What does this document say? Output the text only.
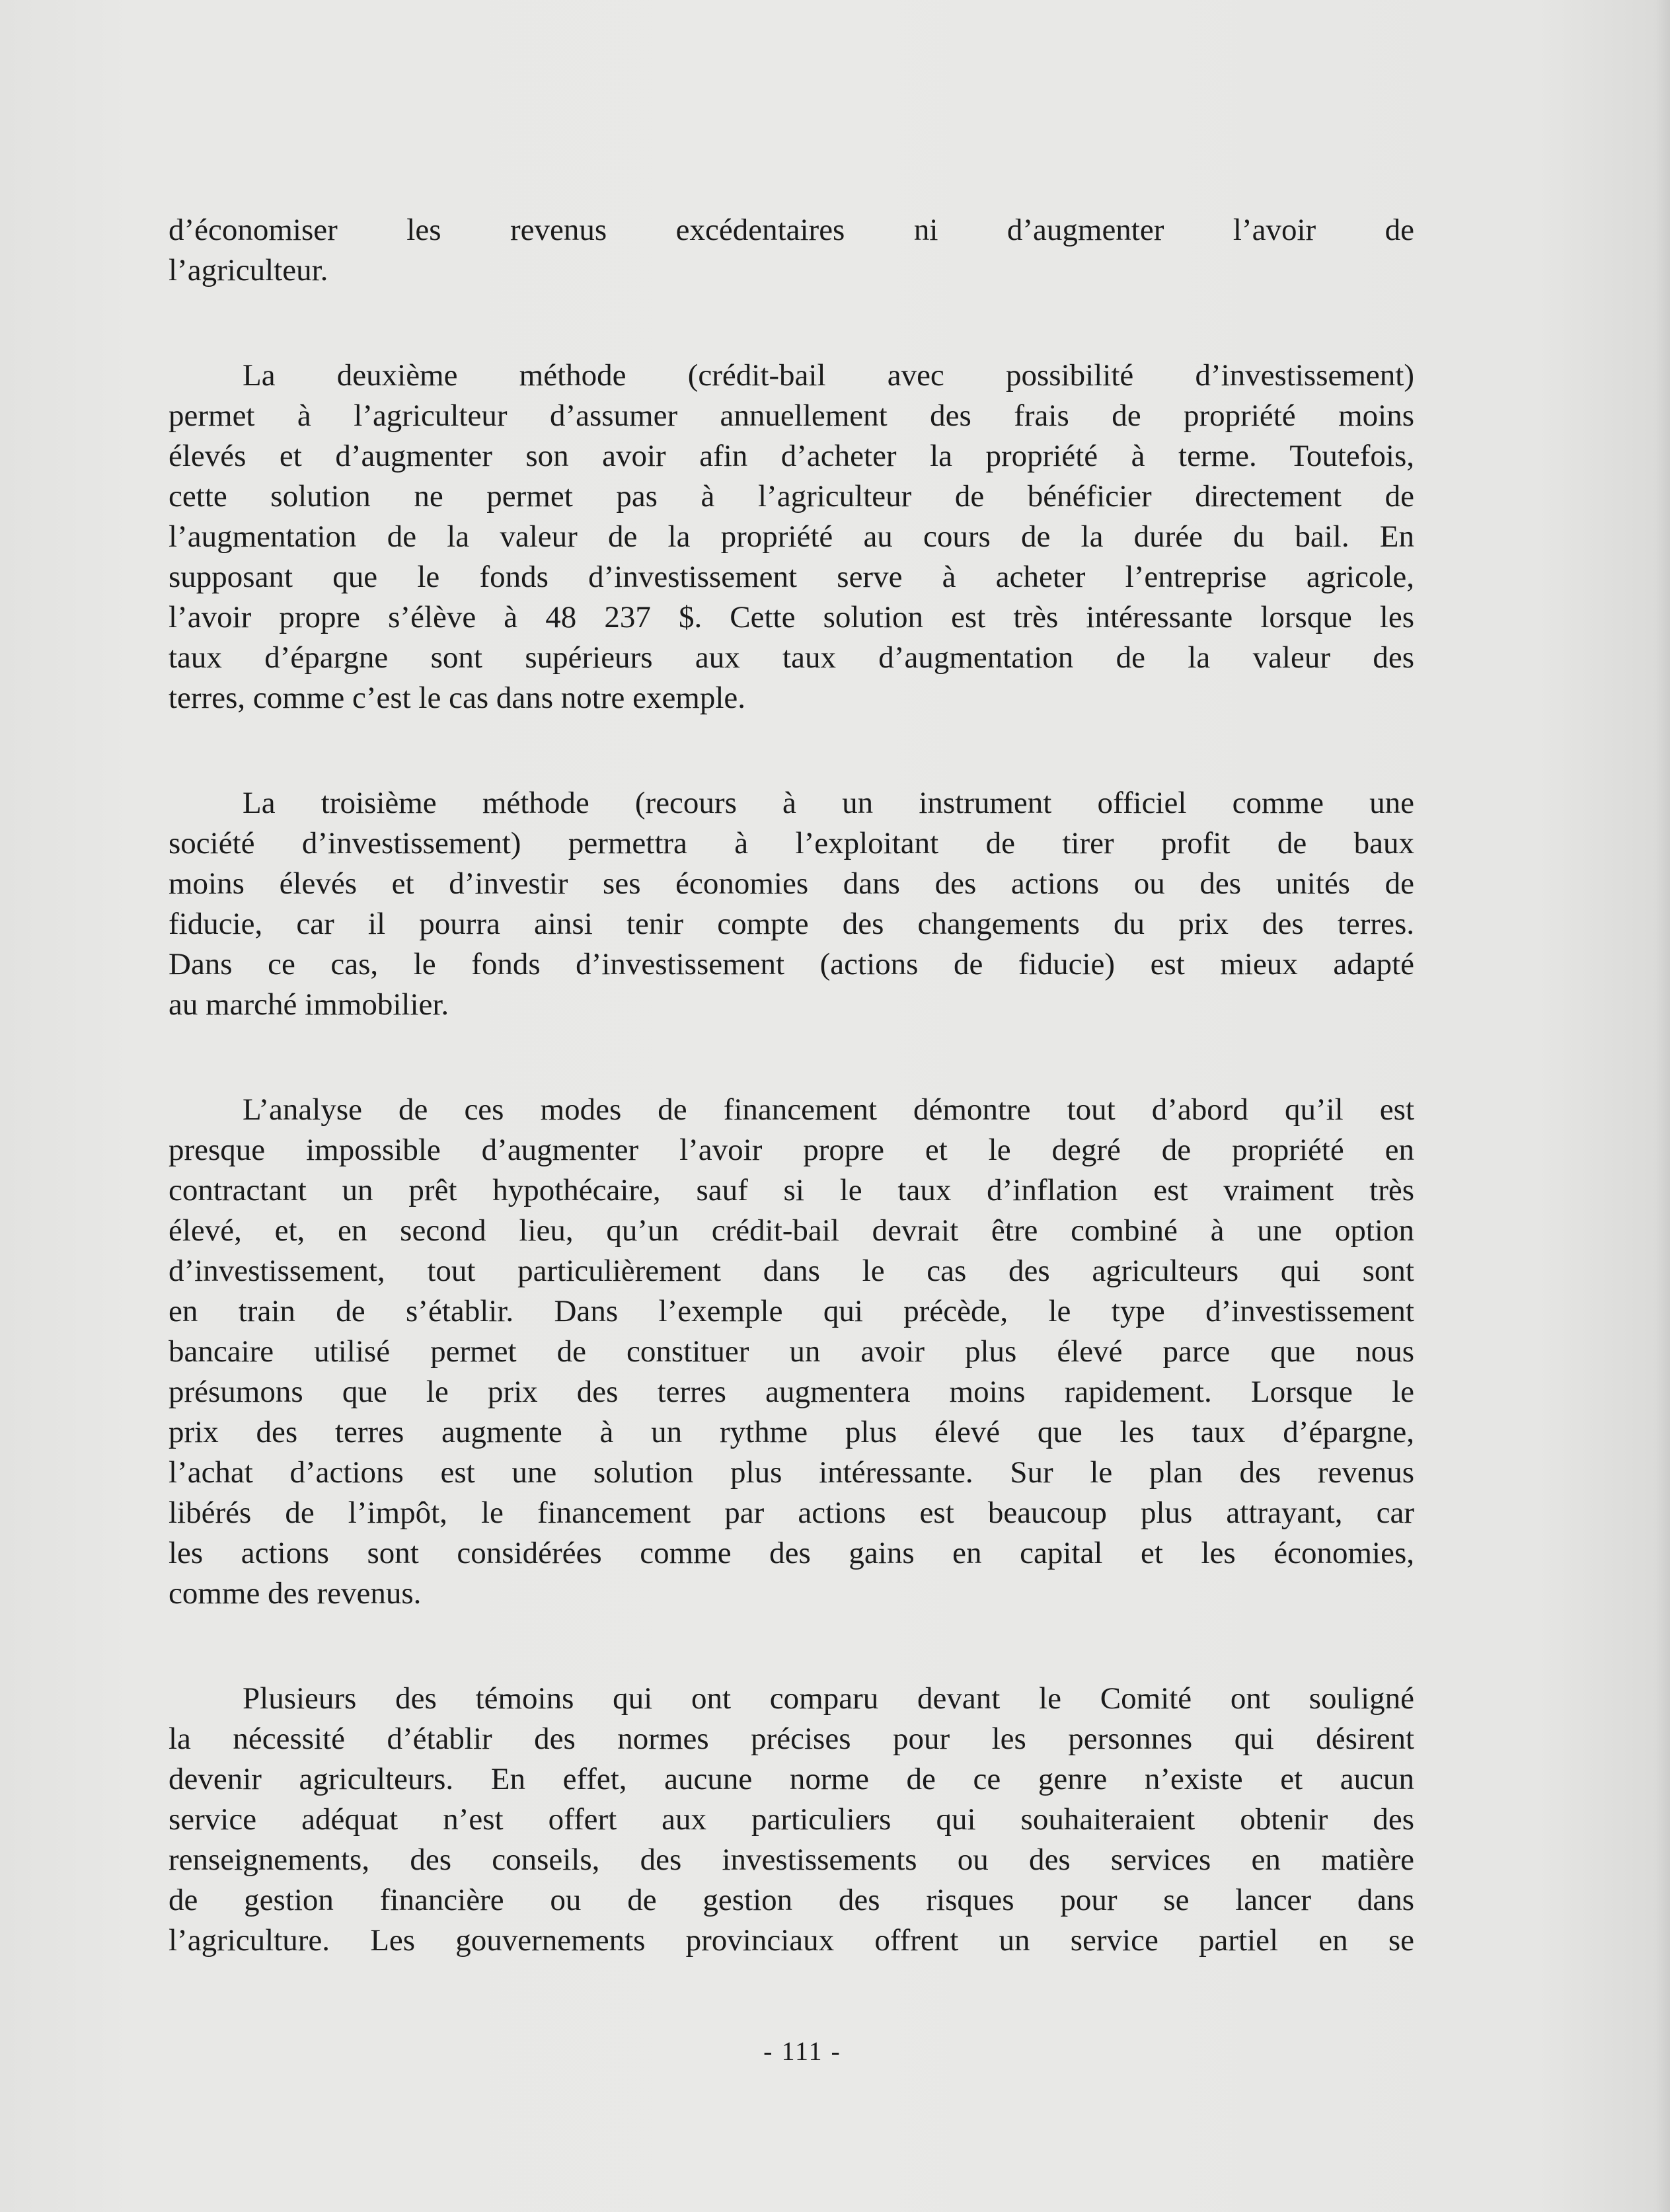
d’économiser les revenus excédentaires ni d’augmenter l’avoir de
l’agriculteur.
La deuxième méthode (crédit-bail avec possibilité d’investissement)
permet à l’agriculteur d’assumer annuellement des frais de propriété moins
élevés et d’augmenter son avoir afin d’acheter la propriété à terme. Toutefois,
cette solution ne permet pas à l’agriculteur de bénéficier directement de
l’augmentation de la valeur de la propriété au cours de la durée du bail. En
supposant que le fonds d’investissement serve à acheter l’entreprise agricole,
l’avoir propre s’élève à 48 237 $. Cette solution est très intéressante lorsque les
taux d’épargne sont supérieurs aux taux d’augmentation de la valeur des
terres, comme c’est le cas dans notre exemple.
La troisième méthode (recours à un instrument officiel comme une
société d’investissement) permettra à l’exploitant de tirer profit de baux
moins élevés et d’investir ses économies dans des actions ou des unités de
fiducie, car il pourra ainsi tenir compte des changements du prix des terres.
Dans ce cas, le fonds d’investissement (actions de fiducie) est mieux adapté
au marché immobilier.
L’analyse de ces modes de financement démontre tout d’abord qu’il est
presque impossible d’augmenter l’avoir propre et le degré de propriété en
contractant un prêt hypothécaire, sauf si le taux d’inflation est vraiment très
élevé, et, en second lieu, qu’un crédit-bail devrait être combiné à une option
d’investissement, tout particulièrement dans le cas des agriculteurs qui sont
en train de s’établir. Dans l’exemple qui précède, le type d’investissement
bancaire utilisé permet de constituer un avoir plus élevé parce que nous
présumons que le prix des terres augmentera moins rapidement. Lorsque le
prix des terres augmente à un rythme plus élevé que les taux d’épargne,
l’achat d’actions est une solution plus intéressante. Sur le plan des revenus
libérés de l’impôt, le financement par actions est beaucoup plus attrayant, car
les actions sont considérées comme des gains en capital et les économies,
comme des revenus.
Plusieurs des témoins qui ont comparu devant le Comité ont souligné
la nécessité d’établir des normes précises pour les personnes qui désirent
devenir agriculteurs. En effet, aucune norme de ce genre n’existe et aucun
service adéquat n’est offert aux particuliers qui souhaiteraient obtenir des
renseignements, des conseils, des investissements ou des services en matière
de gestion financière ou de gestion des risques pour se lancer dans
l’agriculture. Les gouvernements provinciaux offrent un service partiel en se
- 111 -
